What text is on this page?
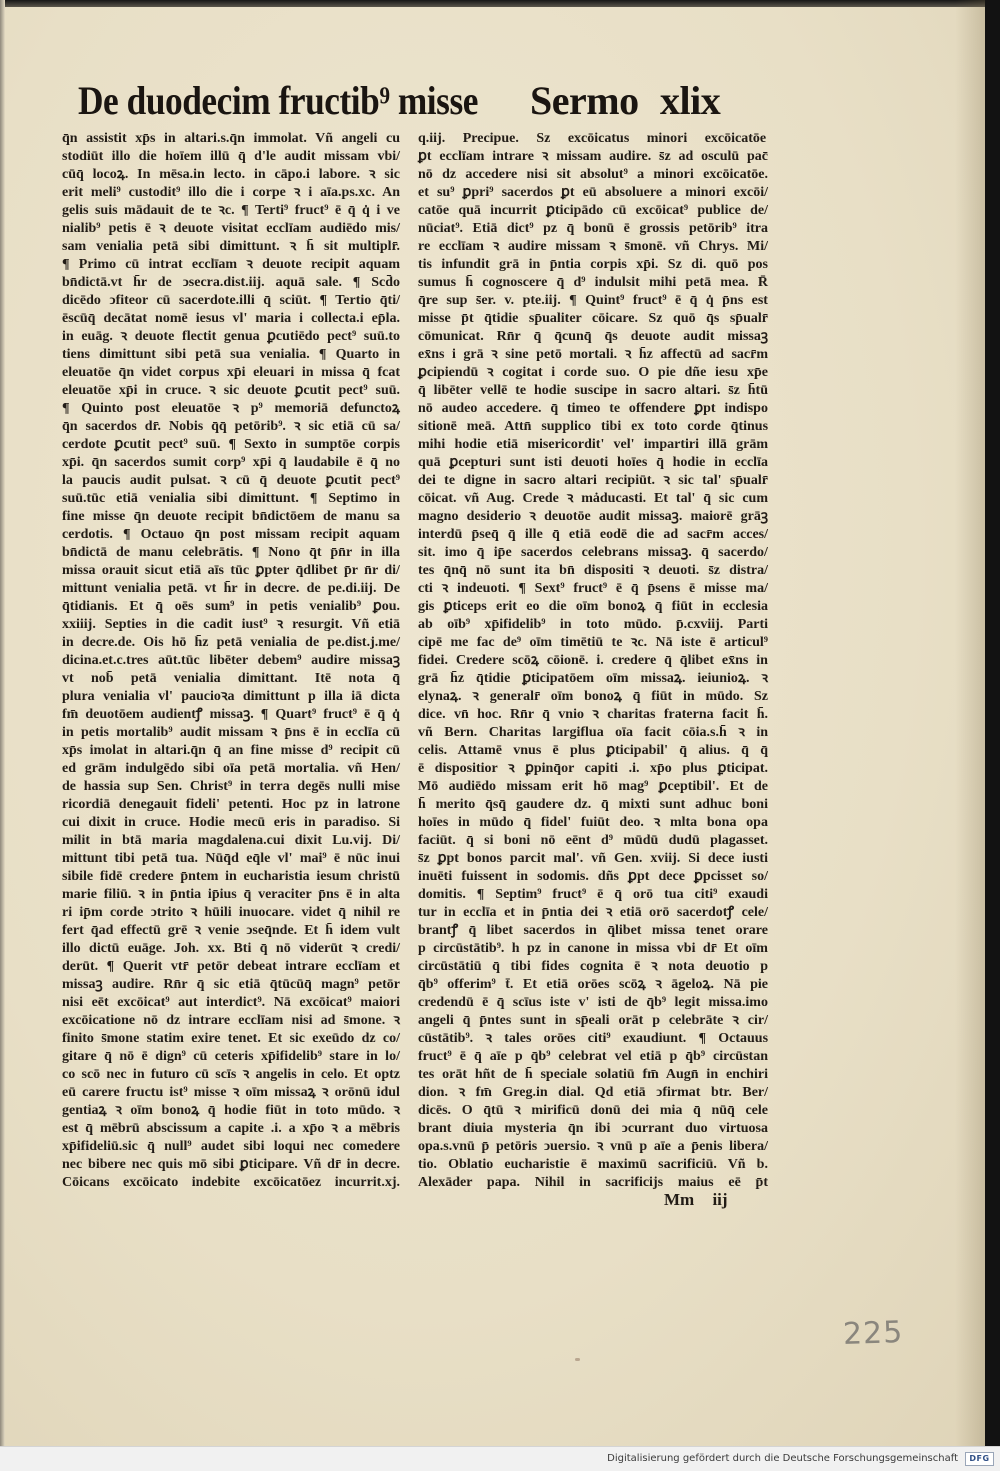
De duodecim fructib⁹ misse Sermo xlix
q̄n assistit xp̄s in altari.s.q̄n immolat. Vñ angeli cu
stodiūt illo die hoīem illū q̄ d'le audit missam vbi/
cūq̄ locoꝝ. In mēsa.in lecto. in cāpo.i labore. ꝛ sic
erit meli⁹ custodit⁹ illo die i corpe ꝛ i aīa.ps.xc. An
gelis suis mādauit de te ꝛc. ¶ Terti⁹ fruct⁹ ē q̄ q̇ i ve
nialib⁹ petis ē ꝛ deuote visitat ecclīam audiēdo mis/
sam venialia petā sibi dimittunt. ꝛ h̄ sit multiplr̄.
¶ Primo cū intrat ecclīam ꝛ deuote recipit aquam
bn̄dictā.vt h̄r de ↄsecra.dist.iij. aquā sale. ¶ Scd̄o
dicēdo ↄfiteor cū sacerdote.illi q̄ sciūt. ¶ Tertio q̄ti/
ēscūq̄ decātat nomē iesus vl' maria i collecta.i ep̄la.
in euāg. ꝛ deuote flectit genua ꝑcutiēdo pect⁹ suū.to
tiens dimittunt sibi petā sua venialia. ¶ Quarto in
eleuatōe q̄n videt corpus xp̄i eleuari in missa q̄ fcat
eleuatōe xp̄i in cruce. ꝛ sic deuote ꝑcutit pect⁹ suū.
¶ Quinto post eleuatōe ꝛ p⁹ memoriā defunctoꝝ
q̄n sacerdos dr̄. Nobis q̄q̄ petōrib⁹. ꝛ sic etiā cū sa/
cerdote ꝑcutit pect⁹ suū. ¶ Sexto in sumptōe corpis
xp̄i. q̄n sacerdos sumit corp⁹ xp̄i q̄ laudabile ē q̄ no
la paucis audit pulsat. ꝛ cū q̄ deuote ꝑcutit pect⁹
suū.tūc etiā venialia sibi dimittunt. ¶ Septimo in
fine misse q̄n deuote recipit bn̄dictōem de manu sa
cerdotis. ¶ Octauo q̄n post missam recipit aquam
bn̄dictā de manu celebrātis. ¶ Nono q̄t p̄n̄r in illa
missa orauit sicut etiā aīs tūc ꝑpter q̄dlibet p̄r n̄r di/
mittunt venialia petā. vt h̄r in decre. de pe.di.iij. De
q̄tidianis. Et q̄ oēs sum⁹ in petis venialib⁹ ꝑou.
xxiiij. Septies in die cadit iust⁹ ꝛ resurgit. Vñ etiā
in decre.de. Ois hō h̄z petā venialia de pe.dist.j.me/
dicina.et.c.tres aūt.tūc libēter debem⁹ audire missaꝫ
vt nob̄ petā venialia dimittant. Itē nota q̄
plura venialia vl' paucioꝛa dimittunt p illa iā dicta
fm̄ deuotōem audientꝭ missaꝫ. ¶ Quart⁹ fruct⁹ ē q̄ q̇
in petis mortalib⁹ audit missam ꝛ p̄ns ē in ecclīa cū
xp̄s imolat in altari.q̄n q̄ an fine misse d⁹ recipit cū
ed grām indulgēdo sibi oīa petā mortalia. vñ Hen/
de hassia sup Sen. Christ⁹ in terra degēs nulli mise
ricordiā denegauit fideli' petenti. Hoc pz in latrone
cui dixit in cruce. Hodie mecū eris in paradiso. Si
milit in btā maria magdalena.cui dixit Lu.vij. Di/
mittunt tibi petā tua. Nūq̄d eq̄le vl' mai⁹ ē nūc inui
sibile fidē credere p̄ntem in eucharistia iesum christū
marie filiū. ꝛ in p̄ntia ip̄ius q̄ veraciter p̄ns ē in alta
ri ip̄m corde ↄtrito ꝛ hūili inuocare. videt q̄ nihil re
fert q̄ad effectū grē ꝛ venie ↄseq̄nde. Et h̄ idem vult
illo dictū euāge. Joh. xx. Bti q̄ nō viderūt ꝛ credi/
derūt. ¶ Querit vtr̄ petōr debeat intrare ecclīam et
missaꝫ audire. Rn̄r q̄ sic etiā q̄tūcūq̄ magn⁹ petōr
nisi eēt excōicat⁹ aut interdict⁹. Nā excōicat⁹ maiori
excōicatione nō dz intrare ecclīam nisi ad s̄mone. ꝛ
finito s̄mone statim exire tenet. Et sic exeūdo dz co/
gitare q̄ nō ē dign⁹ cū ceteris xp̄ifidelib⁹ stare in lo/
co scō nec in futuro cū scīs ꝛ angelis in celo. Et optz
eū carere fructu ist⁹ misse ꝛ oīm missaꝝ ꝛ orōnū idul
gentiaꝝ ꝛ oīm bonoꝝ q̄ hodie fiūt in toto mūdo. ꝛ
est q̄ mēbrū abscissum a capite .i. a xp̄o ꝛ a mēbris
xp̄ifideliū.sic q̄ null⁹ audet sibi loqui nec comedere
nec bibere nec quis mō sibi ꝑticipare. Vñ dr̄ in decre.
Cōicans excōicato indebite excōicatōez incurrit.xj.
q.iij. Precipue. Sz excōicatus minori excōicatōe
ꝑt ecclīam intrare ꝛ missam audire. s̄z ad osculū pac̄
nō dz accedere nisi sit absolut⁹ a minori excōicatōe.
et su⁹ ꝑpri⁹ sacerdos ꝑt eū absoluere a minori excōi/
catōe quā incurrit ꝑticipādo cū excōicat⁹ publice de/
nūciat⁹. Etiā dict⁹ pz q̄ bonū ē grossis petōrib⁹ itra
re ecclīam ꝛ audire missam ꝛ s̄monē. vñ Chrys. Mi/
tis infundit grā in p̄ntia corpis xp̄i. Sz di. quō pos
sumus h̄ cognoscere q̄ d⁹ indulsit mihi petā mea. R̄
q̄re sup s̄er. v. pte.iij. ¶ Quint⁹ fruct⁹ ē q̄ q̇ p̄ns est
misse p̄t q̄tidie sp̄ualiter cōicare. Sz quō q̄s sp̄ualr̄
cōmunicat. Rn̄r q̄ q̄cunq̄ q̄s deuote audit missaꝫ
ex̄ns i grā ꝛ sine petō mortali. ꝛ h̄z affectū ad sacr̄m
ꝑcipiendū ꝛ cogitat i corde suo. O pie dñe iesu xp̄e
q̄ libēter vellē te hodie suscipe in sacro altari. s̄z h̄tū
nō audeo accedere. q̄ timeo te offendere ꝑpt indispo
sitionē meā. Attn̄ supplico tibi ex toto corde q̄tinus
mihi hodie etiā misericordit' vel' impartiri illā grām
quā ꝑcepturi sunt isti deuoti hoīes q̄ hodie in ecclīa
dei te digne in sacro altari recipiūt. ꝛ sic tal' sp̄ualr̄
cōicat. vñ Aug. Crede ꝛ mȧducasti. Et tal' q̄ sic cum
magno desiderio ꝛ deuotōe audit missaꝫ. maiorē grāꝫ
interdū p̄seq̄ q̄ ille q̄ etiā eodē die ad sacr̄m acces/
sit. imo q̄ ip̄e sacerdos celebrans missaꝫ. q̄ sacerdo/
tes q̄nq̄ nō sunt ita bn̄ dispositi ꝛ deuoti. s̄z distra/
cti ꝛ indeuoti. ¶ Sext⁹ fruct⁹ ē q̄ p̄sens ē misse ma/
gis ꝑticeps erit eo die oīm bonoꝝ q̄ fiūt in ecclesia
ab oīb⁹ xp̄ifidelib⁹ in toto mūdo. p̄.cxviij. Parti
cipē me fac de⁹ oīm timētiū te ꝛc. Nā iste ē articul⁹
fidei. Credere scōꝝ cōionē. i. credere q̄ q̄libet ex̄ns in
grā h̄z q̄tidie ꝑticipatōem oīm missaꝝ. ieiunioꝝ. ꝛ
elynaꝝ. ꝛ generalr̄ oīm bonoꝝ q̄ fiūt in mūdo. Sz
dice. vn̄ hoc. Rn̄r q̄ vnio ꝛ charitas fraterna facit h̄.
vñ Bern. Charitas largiflua oīa facit cōia.s.h̄ ꝛ in
celis. Attamē vnus ē plus ꝑticipabil' q̄ alius. q̄ q̄
ē dispositior ꝛ ꝑpinq̄or capiti .i. xp̄o plus ꝑticipat.
Mō audiēdo missam erit hō mag⁹ ꝑceptibil'. Et de
h̄ merito q̄sq̄ gaudere dz. q̄ mixti sunt adhuc boni
hoīes in mūdo q̄ fidel' fuiūt deo. ꝛ mlta bona opa
faciūt. q̄ si boni nō eēnt d⁹ mūdū dudū plagasset.
s̄z ꝑpt bonos parcit mal'. vñ Gen. xviij. Si dece iusti
inuēti fuissent in sodomis. dñs ꝑpt dece ꝑpcisset so/
domitis. ¶ Septim⁹ fruct⁹ ē q̄ orō tua citi⁹ exaudi
tur in ecclīa et in p̄ntia dei ꝛ etiā orō sacerdotꝭ cele/
brantꝭ q̄ libet sacerdos in q̄libet missa tenet orare
p circūstātib⁹. h pz in canone in missa vbi dr̄ Et oīm
circūstātiū q̄ tibi fides cognita ē ꝛ nota deuotio p
q̄b⁹ offerim⁹ t̄. Et etiā orōes scōꝝ ꝛ āgeloꝝ. Nā pie
credendū ē q̄ scīus iste v' isti de q̄b⁹ legit missa.imo
angeli q̄ p̄ntes sunt in sp̄eali orāt p celebrāte ꝛ cir/
cūstātib⁹. ꝛ tales orōes citi⁹ exaudiunt. ¶ Octauus
fruct⁹ ē q̄ aīe p q̄b⁹ celebrat vel etiā p q̄b⁹ circūstan
tes orāt hñt de h̄ speciale solatiū fm̄ Augn̄ in enchiri
dion. ꝛ fm̄ Greg.in dial. Qd etiā ↄfirmat btr. Ber/
dicēs. O q̄tū ꝛ mirificū donū dei mia q̄ nūq̄ cele
brant diuia mysteria q̄n ibi ↄcurrant duo virtuosa
opa.s.vnū p̄ petōris ↄuersio. ꝛ vnū p aīe a p̄enis libera/
tio. Oblatio eucharistie ē maximū sacrificiū. Vñ b.
Alexāder papa. Nihil in sacrificijs maius eē p̄t
Mm iij
225
Digitalisierung gefördert durch die Deutsche Forschungsgemeinschaft	DFG
